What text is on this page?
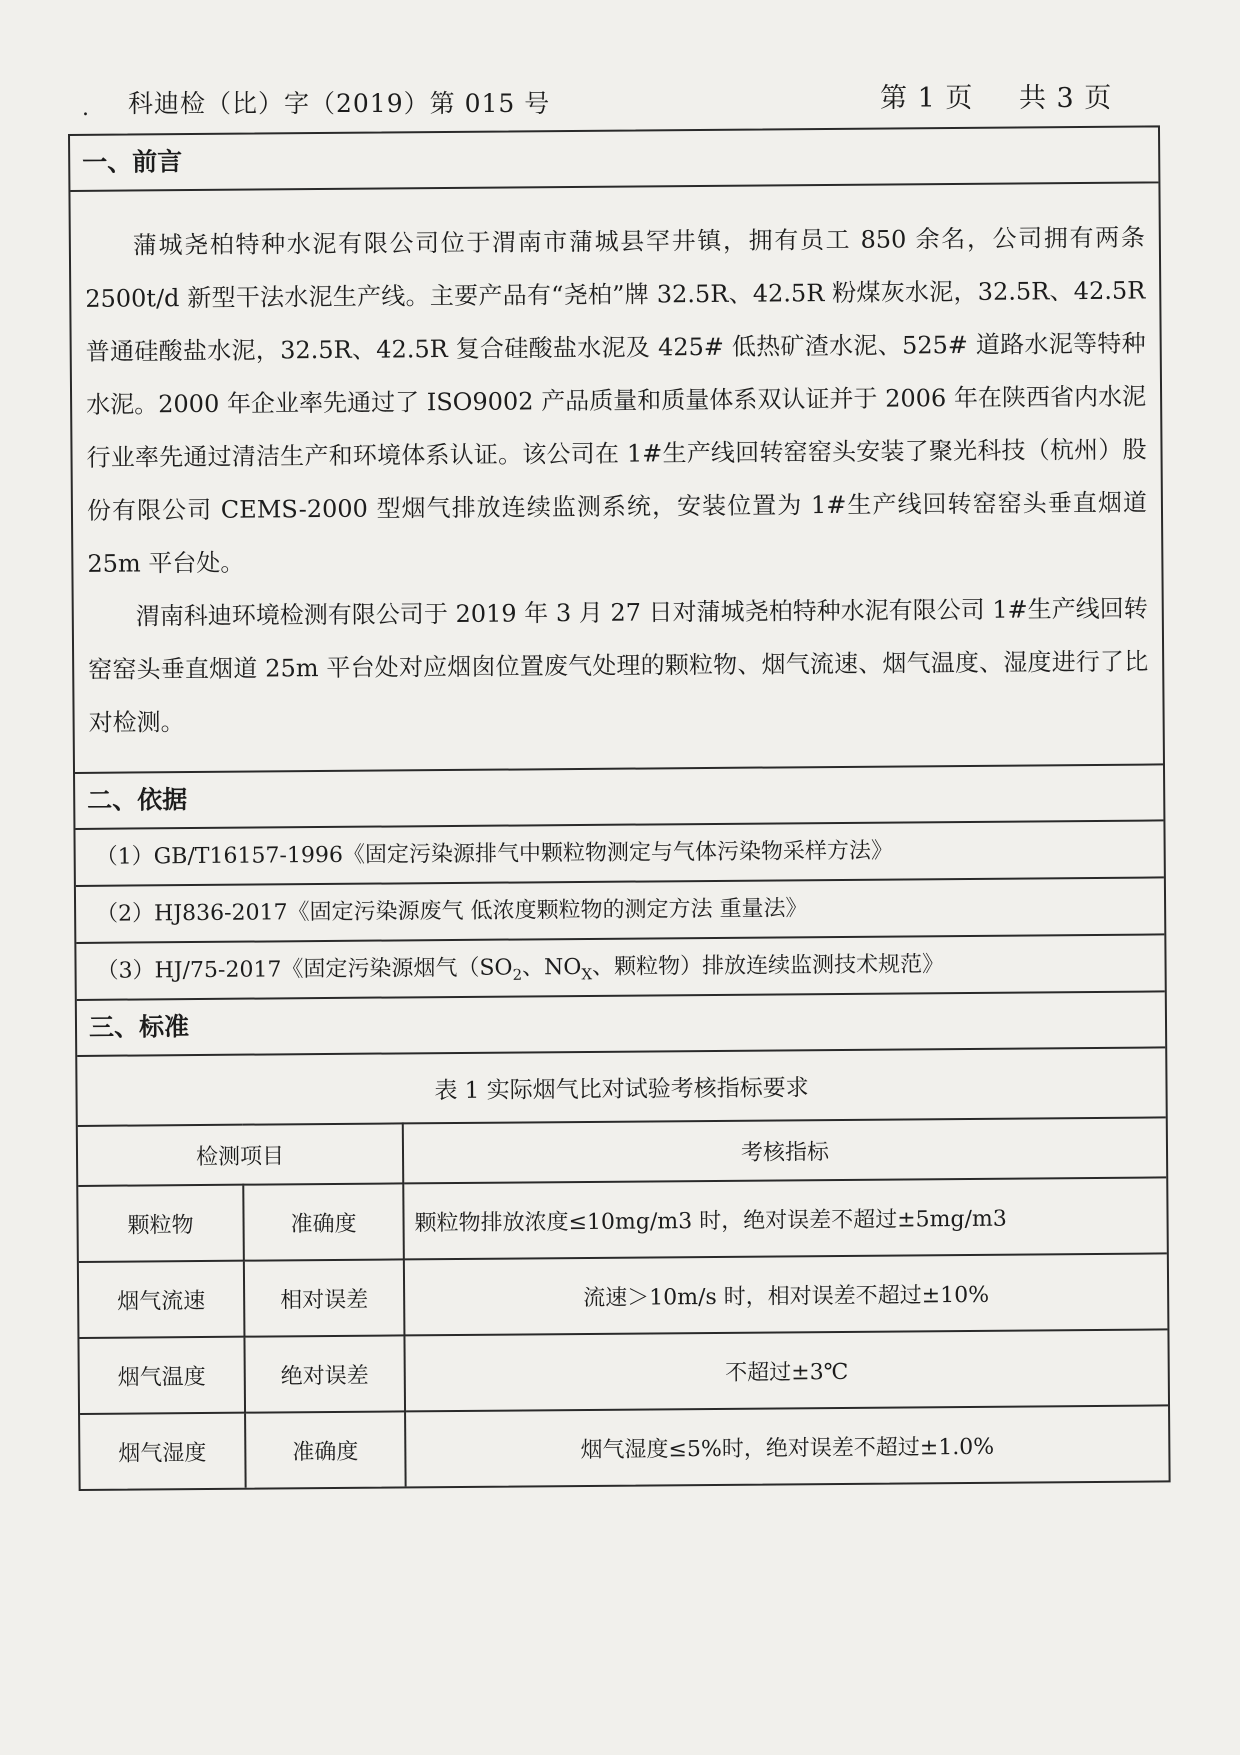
. 科迪检（比）字（2019）第 015 号	第 1 页 共 3 页
一、前言

蒲城尧柏特种水泥有限公司位于渭南市蒲城县罕井镇，拥有员工 850 余名，公司拥有两条 2500t/d 新型干法水泥生产线。主要产品有“尧柏”牌 32.5R、42.5R 粉煤灰水泥，32.5R、42.5R 普通硅酸盐水泥，32.5R、42.5R 复合硅酸盐水泥及 425# 低热矿渣水泥、525# 道路水泥等特种水泥。2000 年企业率先通过了 ISO9002 产品质量和质量体系双认证并于 2006 年在陕西省内水泥行业率先通过清洁生产和环境体系认证。该公司在 1#生产线回转窑窑头安装了聚光科技（杭州）股份有限公司 CEMS-2000 型烟气排放连续监测系统，安装位置为 1#生产线回转窑窑头垂直烟道 25m 平台处。

渭南科迪环境检测有限公司于 2019 年 3 月 27 日对蒲城尧柏特种水泥有限公司 1#生产线回转窑窑头垂直烟道 25m 平台处对应烟囱位置废气处理的颗粒物、烟气流速、烟气温度、湿度进行了比对检测。

二、依据
（1）GB/T16157-1996《固定污染源排气中颗粒物测定与气体污染物采样方法》
（2）HJ836-2017《固定污染源废气 低浓度颗粒物的测定方法 重量法》
（3）HJ/75-2017《固定污染源烟气（$SO_2$、$NO_X$、颗粒物）排放连续监测技术规范》
三、标准
表 1 实际烟气比对试验考核指标要求		
检测项目		考核指标
颗粒物	准确度	颗粒物排放浓度≤10mg/m3 时，绝对误差不超过±5mg/m3
烟气流速	相对误差	流速＞10m/s 时，相对误差不超过±10%
烟气温度	绝对误差	不超过±3℃
烟气湿度	准确度	烟气湿度≤5%时，绝对误差不超过±1.0%
